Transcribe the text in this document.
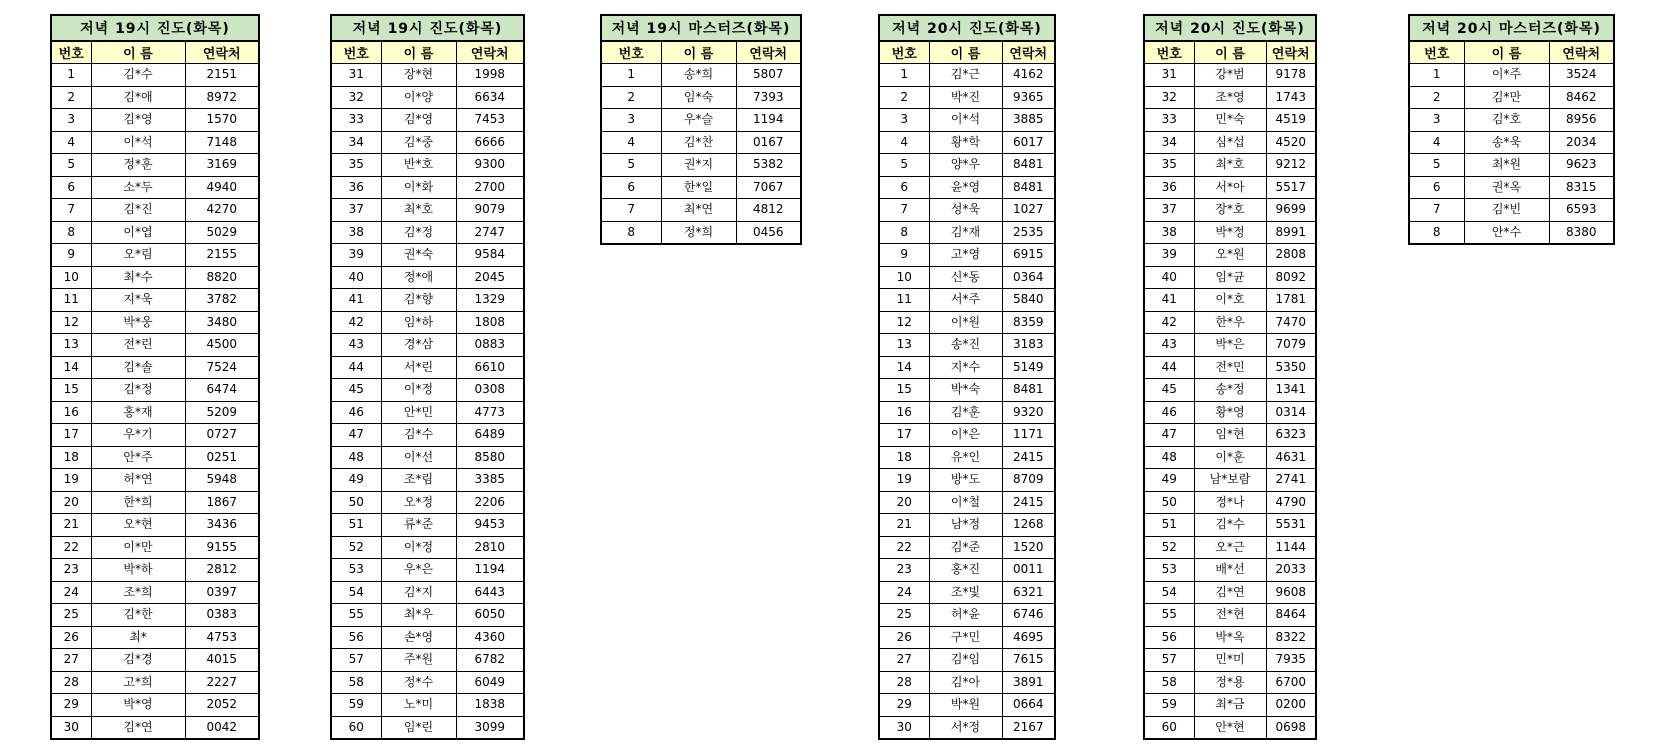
저녁 19시 진도(화목)		
번호	이 름	연락처
1	김*수	2151
2	김*애	8972
3	김*영	1570
4	이*석	7148
5	정*훈	3169
6	소*두	4940
7	김*진	4270
8	이*엽	5029
9	오*림	2155
10	최*수	8820
11	지*욱	3782
12	박*웅	3480
13	전*린	4500
14	김*솔	7524
15	김*정	6474
16	홍*재	5209
17	우*기	0727
18	안*주	0251
19	허*연	5948
20	한*희	1867
21	오*현	3436
22	이*만	9155
23	박*하	2812
24	조*희	0397
25	김*한	0383
26	최*	4753
27	김*경	4015
28	고*희	2227
29	박*영	2052
30	김*연	0042
저녁 19시 진도(화목)		
번호	이 름	연락처
31	장*현	1998
32	이*양	6634
33	김*영	7453
34	김*중	6666
35	반*호	9300
36	이*화	2700
37	최*호	9079
38	김*정	2747
39	권*숙	9584
40	정*애	2045
41	김*향	1329
42	임*하	1808
43	경*삼	0883
44	서*린	6610
45	이*정	0308
46	안*민	4773
47	김*수	6489
48	이*선	8580
49	조*림	3385
50	오*정	2206
51	류*준	9453
52	이*정	2810
53	우*은	1194
54	김*지	6443
55	최*우	6050
56	손*영	4360
57	주*원	6782
58	정*수	6049
59	노*미	1838
60	임*린	3099
저녁 19시 마스터즈(화목)		
번호	이 름	연락처
1	송*희	5807
2	임*숙	7393
3	우*슬	1194
4	김*찬	0167
5	권*지	5382
6	한*일	7067
7	최*연	4812
8	정*희	0456
저녁 20시 진도(화목)		
번호	이 름	연락처
1	김*근	4162
2	박*진	9365
3	이*석	3885
4	황*학	6017
5	양*우	8481
6	윤*영	8481
7	성*욱	1027
8	김*재	2535
9	고*영	6915
10	신*동	0364
11	서*주	5840
12	이*원	8359
13	송*진	3183
14	지*수	5149
15	박*숙	8481
16	김*훈	9320
17	이*은	1171
18	유*인	2415
19	방*도	8709
20	이*철	2415
21	남*정	1268
22	김*준	1520
23	홍*진	0011
24	조*빛	6321
25	허*윤	6746
26	구*민	4695
27	김*임	7615
28	김*아	3891
29	박*원	0664
30	서*정	2167
저녁 20시 진도(화목)		
번호	이 름	연락처
31	강*범	9178
32	조*영	1743
33	민*숙	4519
34	심*섭	4520
35	최*호	9212
36	서*아	5517
37	장*호	9699
38	박*정	8991
39	오*원	2808
40	임*균	8092
41	이*호	1781
42	한*우	7470
43	박*은	7079
44	전*민	5350
45	송*정	1341
46	황*영	0314
47	임*현	6323
48	이*훈	4631
49	남*보람	2741
50	정*나	4790
51	김*수	5531
52	오*근	1144
53	배*선	2033
54	김*연	9608
55	전*현	8464
56	박*옥	8322
57	민*미	7935
58	정*용	6700
59	최*금	0200
60	안*현	0698
저녁 20시 마스터즈(화목)		
번호	이 름	연락처
1	이*주	3524
2	김*만	8462
3	김*호	8956
4	송*욱	2034
5	최*원	9623
6	권*옥	8315
7	김*빈	6593
8	안*수	8380
